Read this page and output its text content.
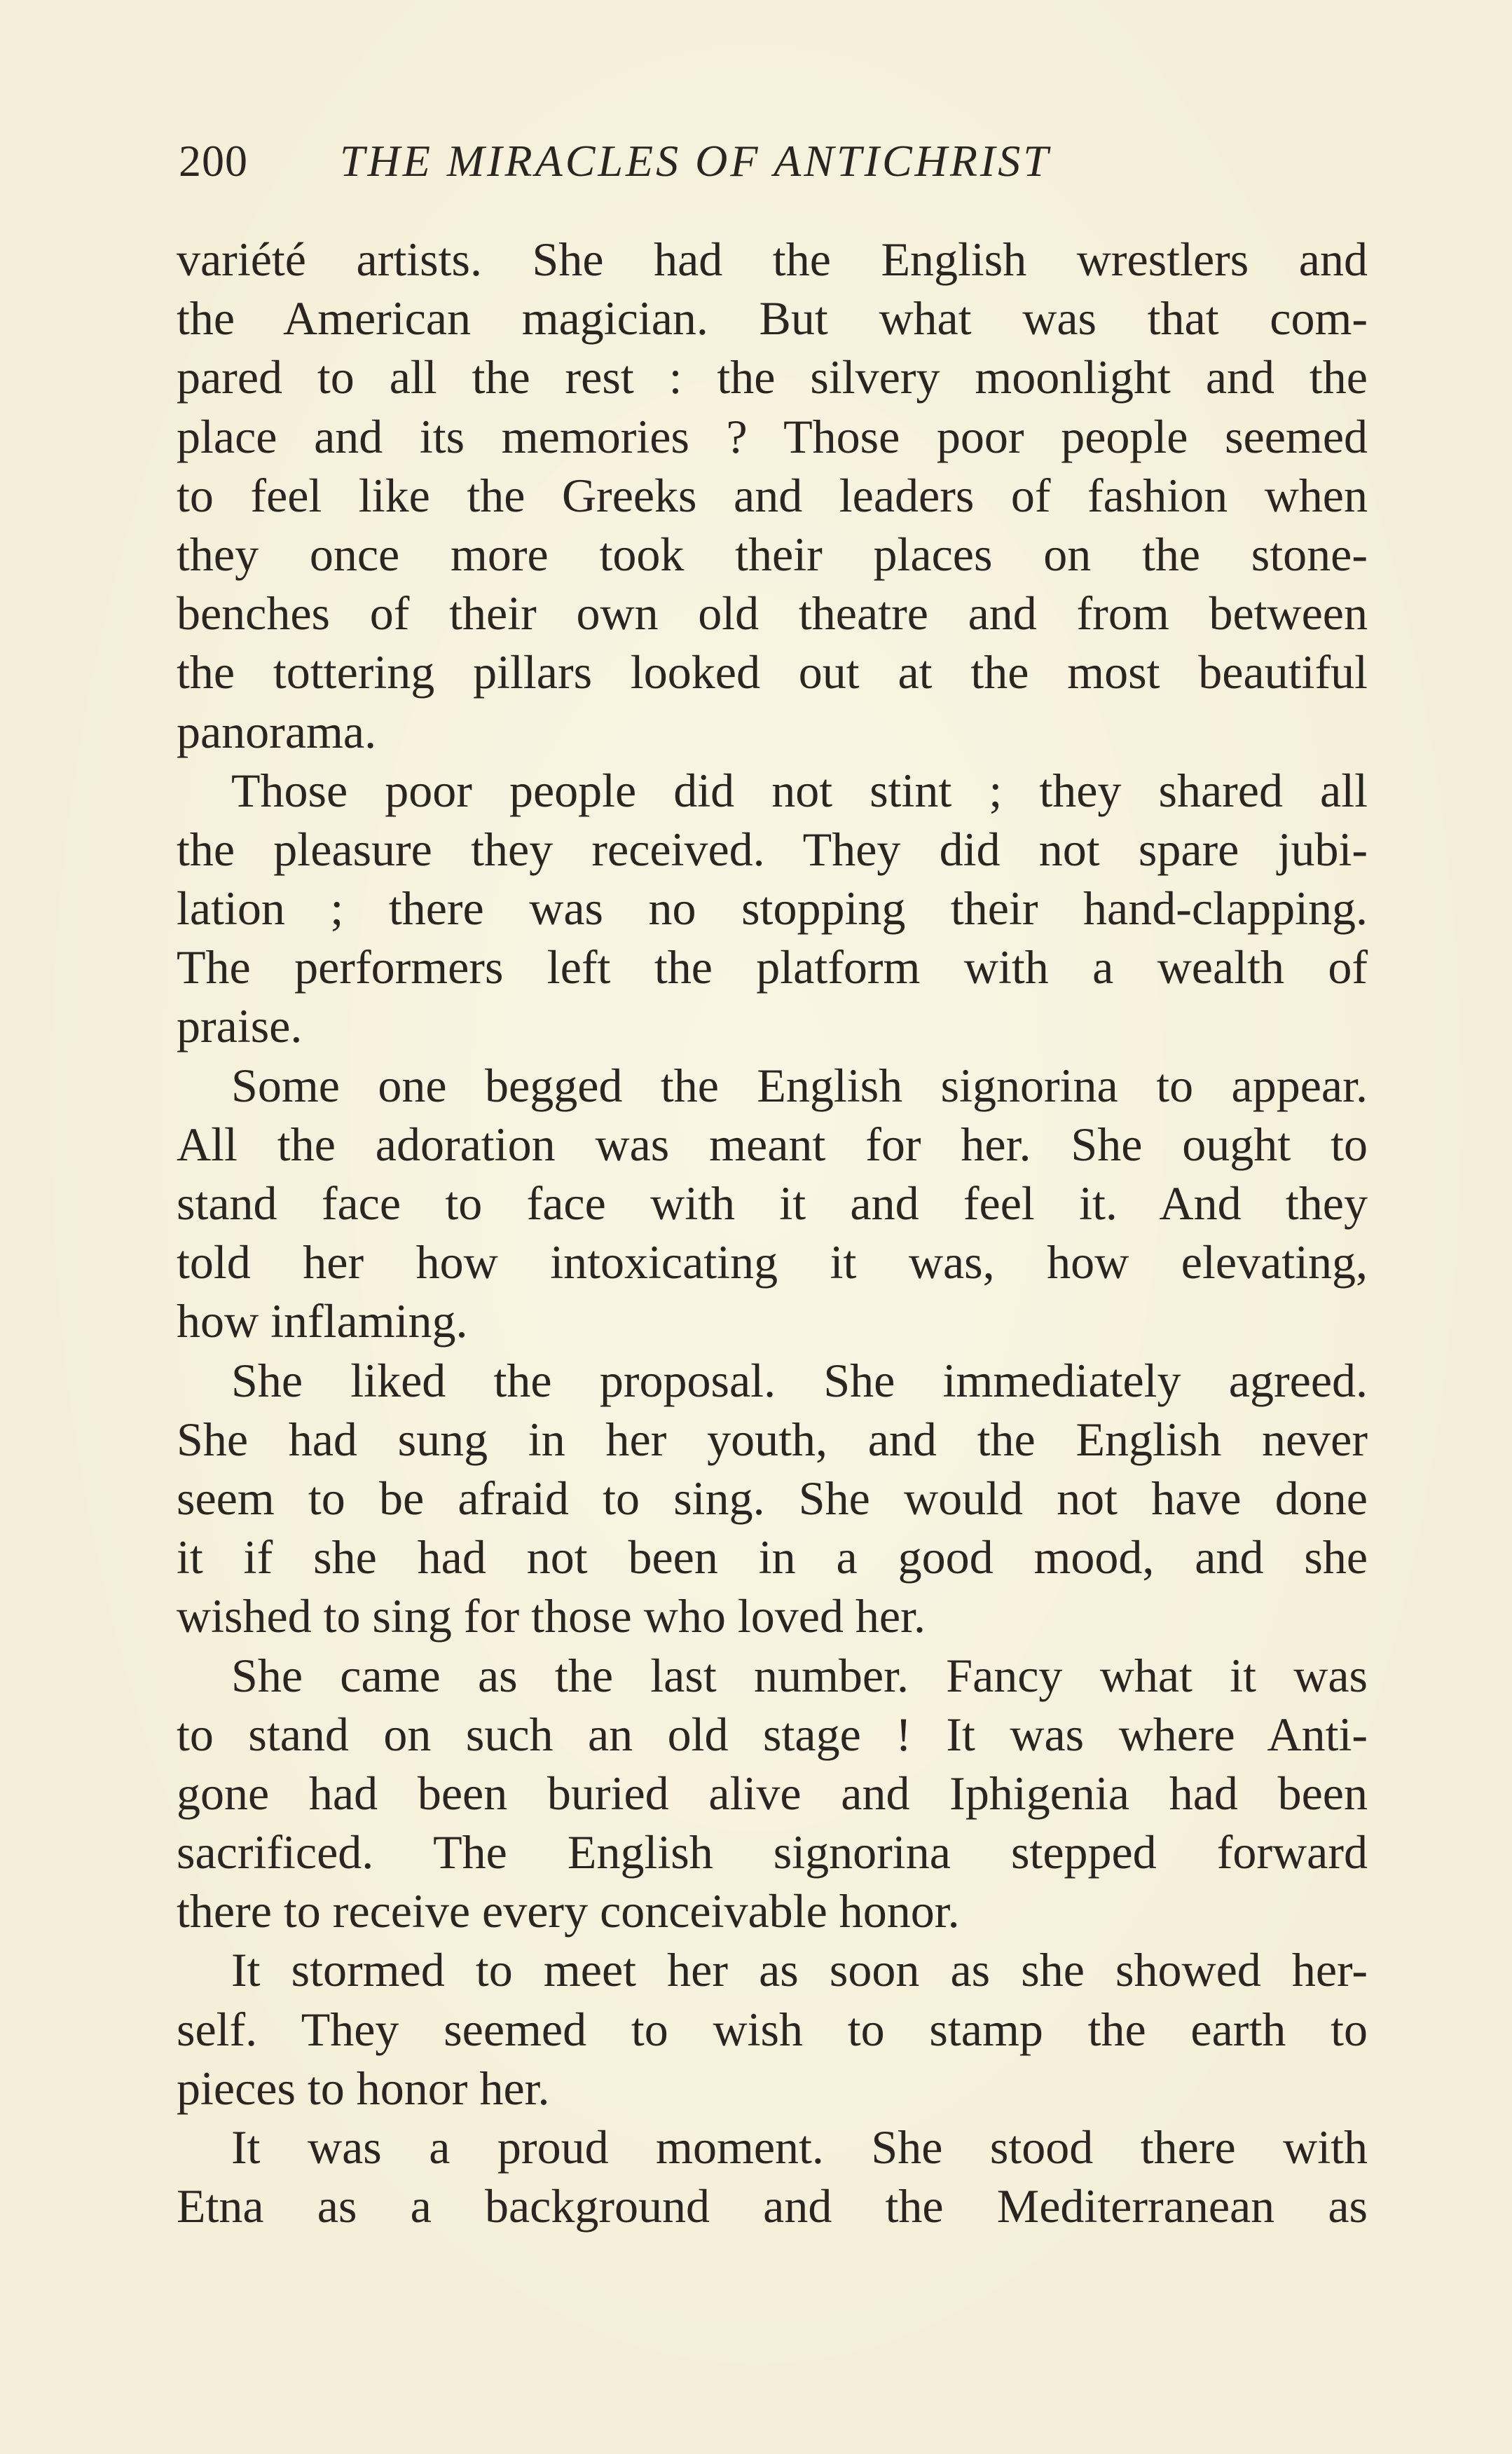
200 THE MIRACLES OF ANTICHRIST
variété artists. She had the English wrestlers and
the American magician. But what was that com-
pared to all the rest : the silvery moonlight and the
place and its memories ? Those poor people seemed
to feel like the Greeks and leaders of fashion when
they once more took their places on the stone-
benches of their own old theatre and from between
the tottering pillars looked out at the most beautiful
panorama.
Those poor people did not stint ; they shared all
the pleasure they received. They did not spare jubi-
lation ; there was no stopping their hand-clapping.
The performers left the platform with a wealth of
praise.
Some one begged the English signorina to appear.
All the adoration was meant for her. She ought to
stand face to face with it and feel it. And they
told her how intoxicating it was, how elevating,
how inflaming.
She liked the proposal. She immediately agreed.
She had sung in her youth, and the English never
seem to be afraid to sing. She would not have done
it if she had not been in a good mood, and she
wished to sing for those who loved her.
She came as the last number. Fancy what it was
to stand on such an old stage ! It was where Anti-
gone had been buried alive and Iphigenia had been
sacrificed. The English signorina stepped forward
there to receive every conceivable honor.
It stormed to meet her as soon as she showed her-
self. They seemed to wish to stamp the earth to
pieces to honor her.
It was a proud moment. She stood there with
Etna as a background and the Mediterranean as
